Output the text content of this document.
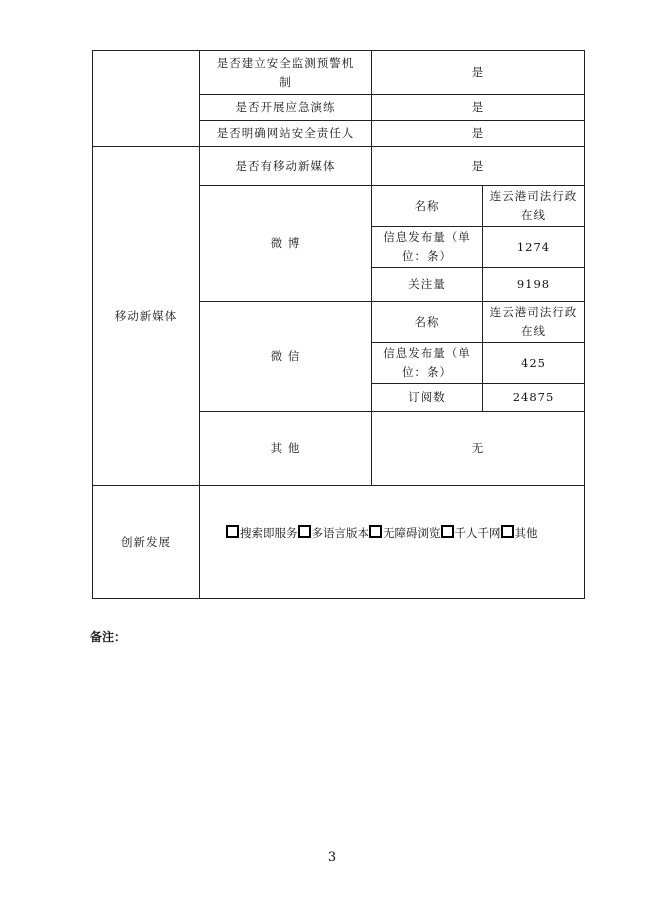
	是否建立安全监测预警机制	是	
	是否开展应急演练	是	
	是否明确网站安全责任人	是	
移动新媒体	是否有移动新媒体	是	
	微 博	名称	连云港司法行政在线
		信息发布量（单位：条）	1274
		关注量	9198
	微 信	名称	连云港司法行政在线
		信息发布量（单位：条）	425
		订阅数	24875
	其 他	无	

创新发展	搜索即服务 多语言版本 无障碍浏览 千人千网 其他		
备注：
3
